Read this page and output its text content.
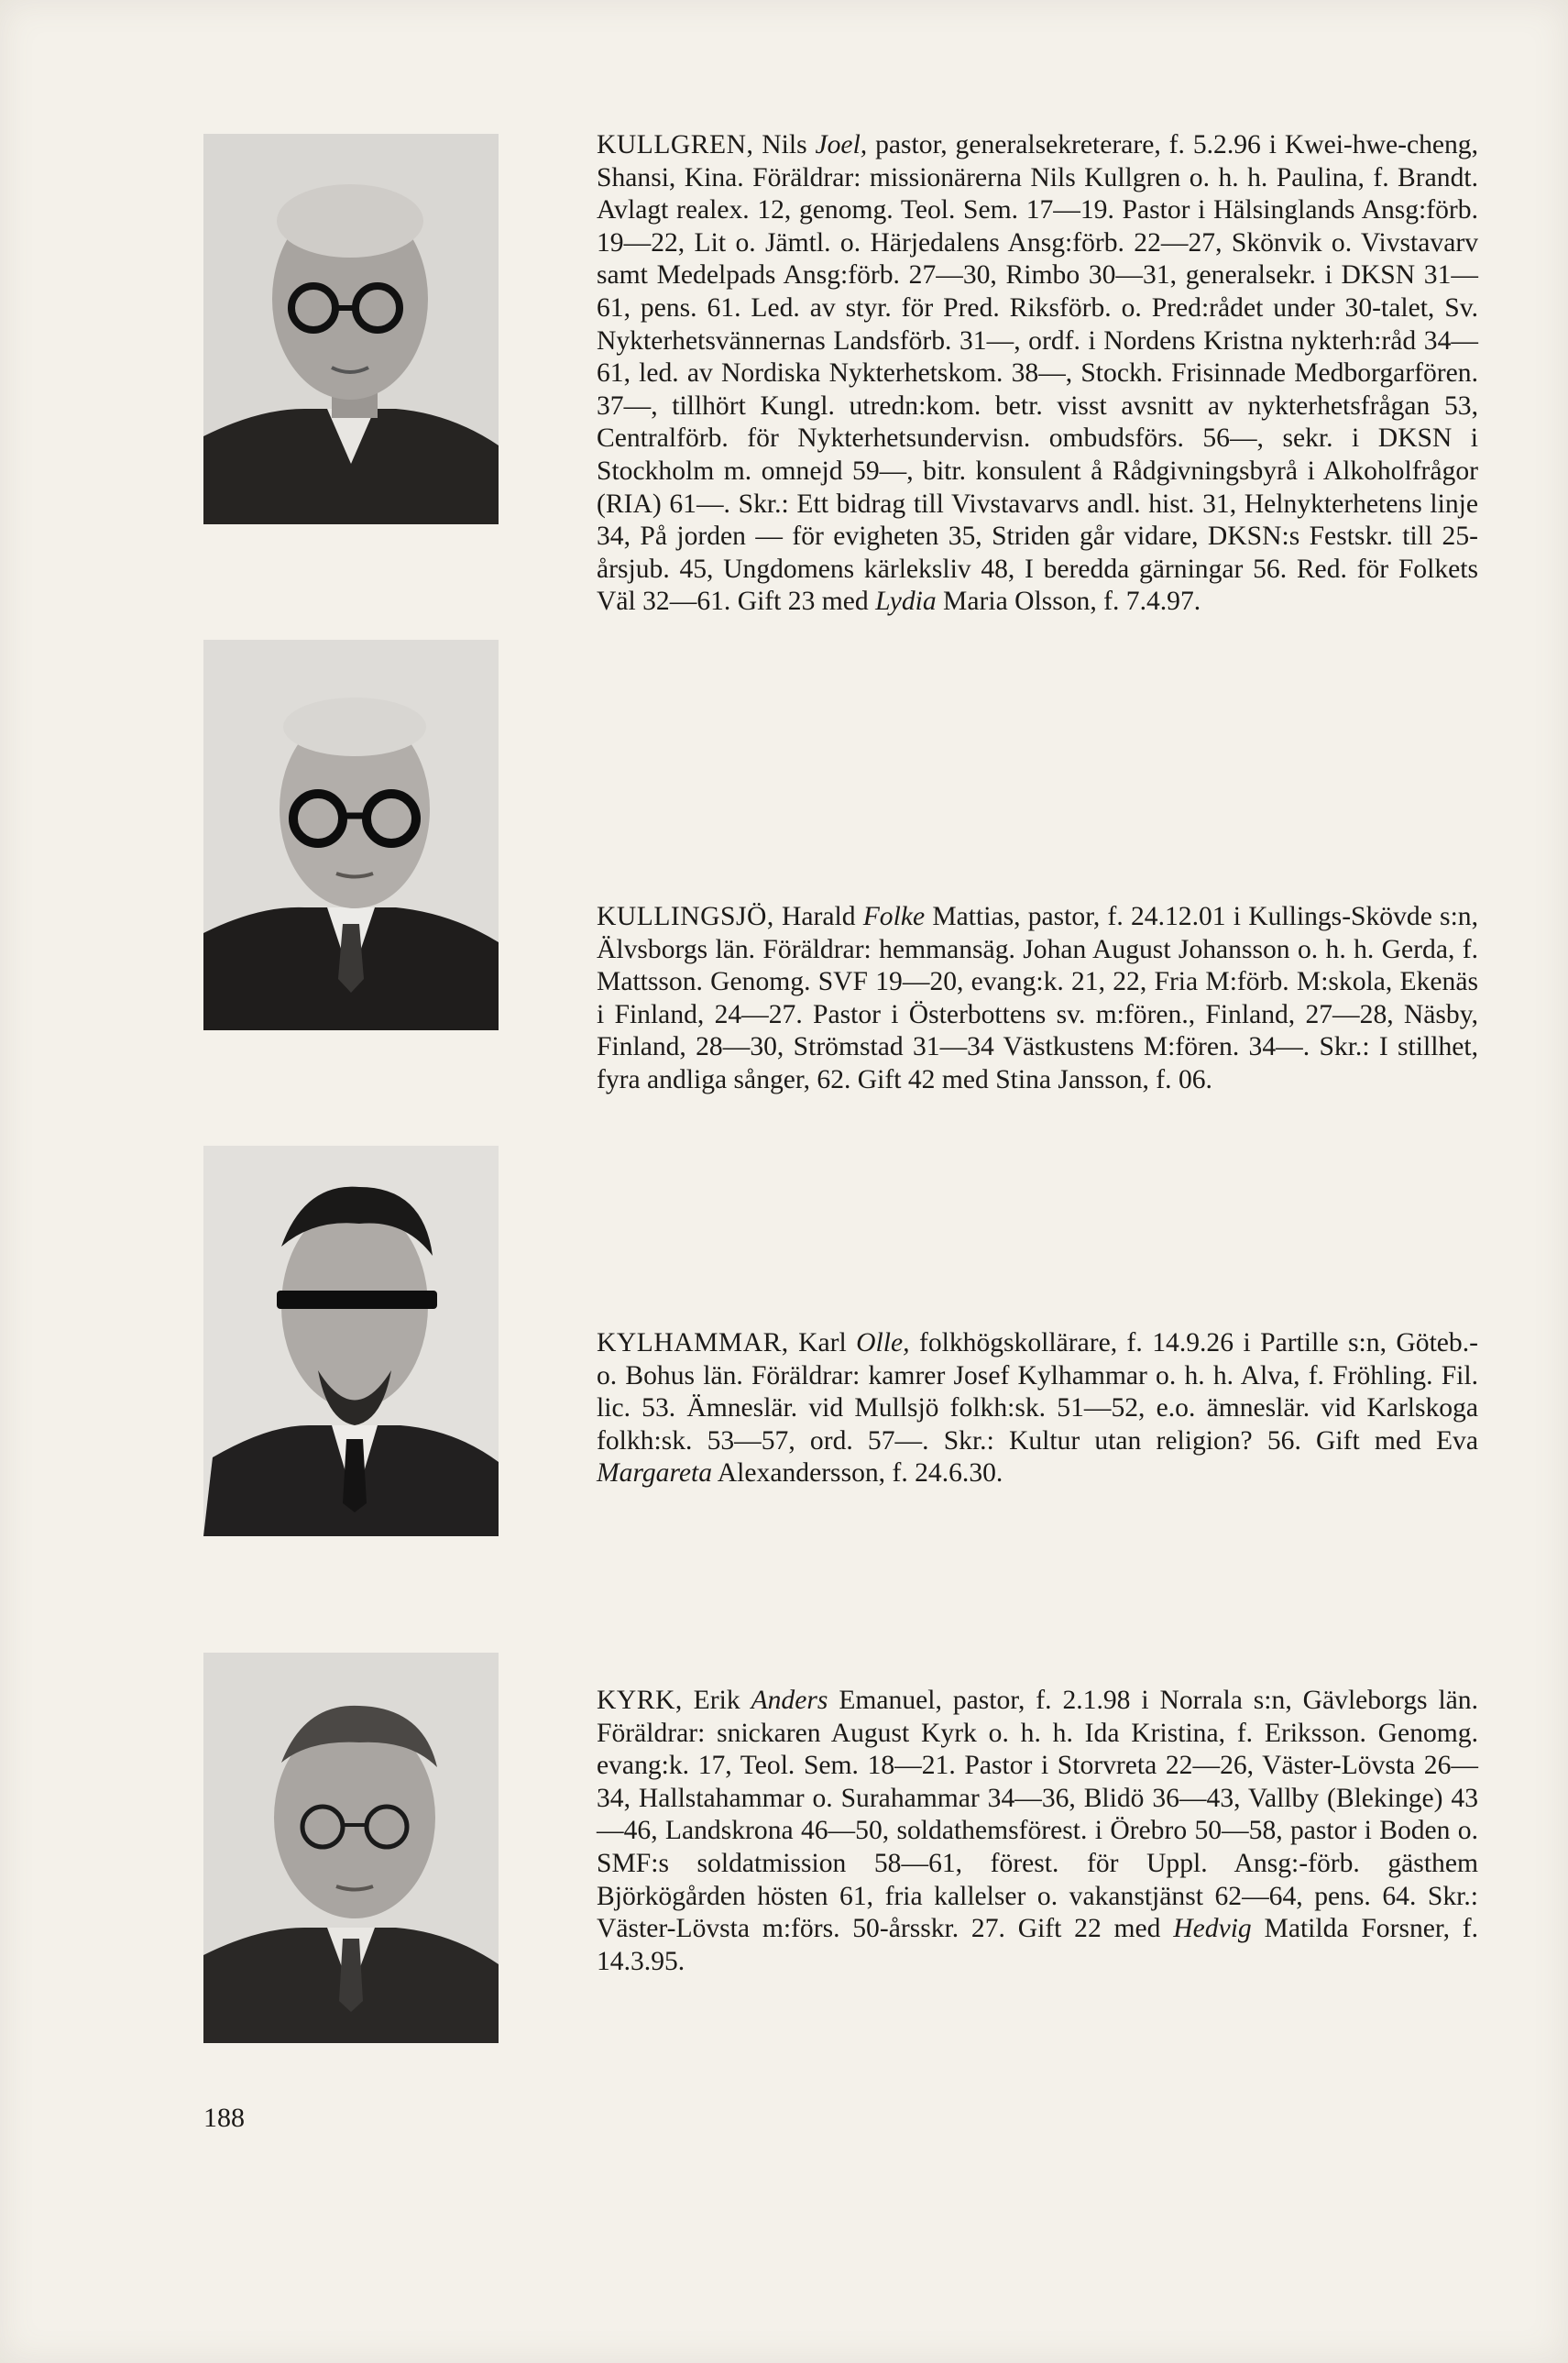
KULLGREN, Nils Joel, pastor, generalsekreterare, f. 5.2.96 i Kwei-hwe-cheng, Shansi, Kina. Föräldrar: missionärerna Nils Kullgren o. h. h. Paulina, f. Brandt. Avlagt realex. 12, genomg. Teol. Sem. 17—19. Pastor i Hälsinglands Ansg:förb. 19—22, Lit o. Jämtl. o. Härjedalens Ansg:förb. 22—27, Skönvik o. Vivstavarv samt Medelpads Ansg:förb. 27—30, Rimbo 30—31, generalsekr. i DKSN 31—61, pens. 61. Led. av styr. för Pred. Riksförb. o. Pred:rådet under 30-talet, Sv. Nykterhetsvännernas Landsförb. 31—, ordf. i Nordens Kristna nykterh:råd 34—61, led. av Nordiska Nykterhetskom. 38—, Stockh. Frisinnade Medborgarfören. 37—, tillhört Kungl. utredn:kom. betr. visst avsnitt av nykterhetsfrågan 53, Centralförb. för Nykterhetsundervisn. ombudsförs. 56—, sekr. i DKSN i Stockholm m. omnejd 59—, bitr. konsulent å Rådgivningsbyrå i Alkoholfrågor (RIA) 61—. Skr.: Ett bidrag till Vivstavarvs andl. hist. 31, Helnykterhetens linje 34, På jorden — för evigheten 35, Striden går vidare, DKSN:s Festskr. till 25-årsjub. 45, Ungdomens kärleksliv 48, I beredda gärningar 56. Red. för Folkets Väl 32—61. Gift 23 med Lydia Maria Olsson, f. 7.4.97.

KULLINGSJÖ, Harald Folke Mattias, pastor, f. 24.12.01 i Kullings-Skövde s:n, Älvsborgs län. Föräldrar: hemmansäg. Johan August Johansson o. h. h. Gerda, f. Mattsson. Genomg. SVF 19—20, evang:k. 21, 22, Fria M:förb. M:skola, Ekenäs i Finland, 24—27. Pastor i Österbottens sv. m:fören., Finland, 27—28, Näsby, Finland, 28—30, Strömstad 31—34 Västkustens M:fören. 34—. Skr.: I stillhet, fyra andliga sånger, 62. Gift 42 med Stina Jansson, f. 06.

KYLHAMMAR, Karl Olle, folkhögskollärare, f. 14.9.26 i Partille s:n, Göteb.- o. Bohus län. Föräldrar: kamrer Josef Kylhammar o. h. h. Alva, f. Fröhling. Fil. lic. 53. Ämneslär. vid Mullsjö folkh:sk. 51—52, e.o. ämneslär. vid Karlskoga folkh:sk. 53—57, ord. 57—. Skr.: Kultur utan religion? 56. Gift med Eva Margareta Alexandersson, f. 24.6.30.

KYRK, Erik Anders Emanuel, pastor, f. 2.1.98 i Norrala s:n, Gävleborgs län. Föräldrar: snickaren August Kyrk o. h. h. Ida Kristina, f. Eriksson. Genomg. evang:k. 17, Teol. Sem. 18—21. Pastor i Storvreta 22—26, Väster-Lövsta 26—34, Hallstahammar o. Surahammar 34—36, Blidö 36—43, Vallby (Blekinge) 43—46, Landskrona 46—50, soldathemsförest. i Örebro 50—58, pastor i Boden o. SMF:s soldatmission 58—61, förest. för Uppl. Ansg:-förb. gästhem Björkögården hösten 61, fria kallelser o. vakanstjänst 62—64, pens. 64. Skr.: Väster-Lövsta m:förs. 50-årsskr. 27. Gift 22 med Hedvig Matilda Forsner, f. 14.3.95.

188
